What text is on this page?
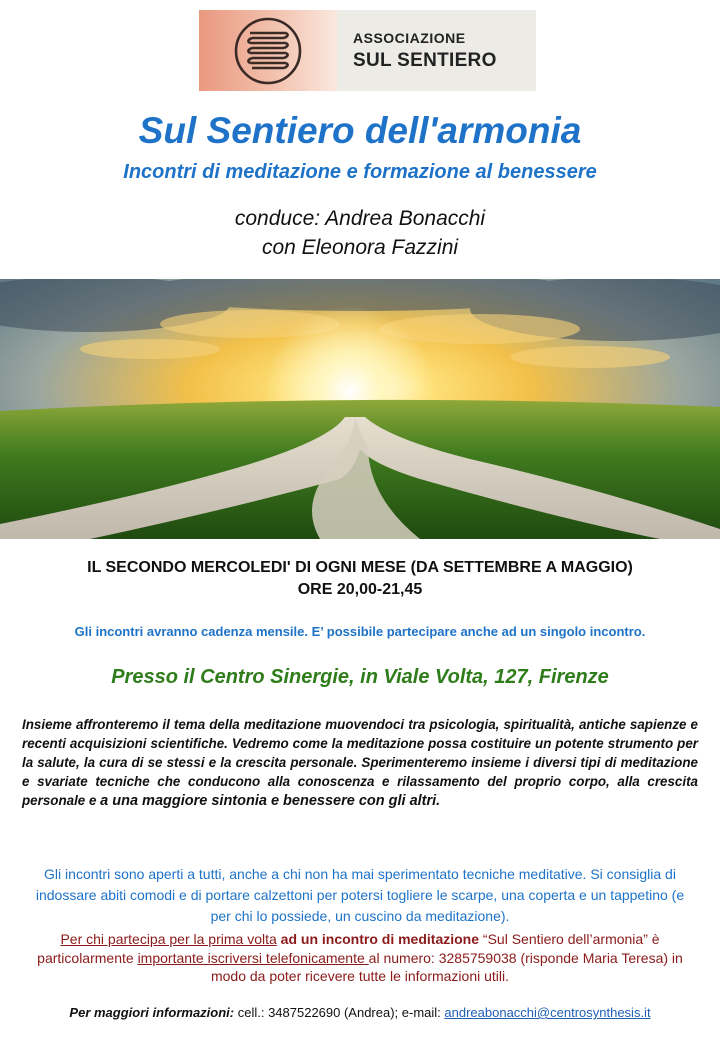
ASSOCIAZIONE
SUL SENTIERO
Sul Sentiero dell'armonia
Incontri di meditazione e formazione al benessere
conduce: Andrea Bonacchi
con Eleonora Fazzini
IL SECONDO MERCOLEDI' DI OGNI MESE (DA SETTEMBRE A MAGGIO)
ORE 20,00-21,45
Gli incontri avranno cadenza mensile. E’ possibile partecipare anche ad un singolo incontro.
Presso il Centro Sinergie, in Viale Volta, 127, Firenze
Insieme affronteremo il tema della meditazione muovendoci tra psicologia, spiritualità, antiche sapienze e recenti acquisizioni scientifiche. Vedremo come la meditazione possa costituire un potente strumento per la salute, la cura di se stessi e la crescita personale. Sperimenteremo insieme i diversi tipi di meditazione e svariate tecniche che conducono alla conoscenza e rilassamento del proprio corpo, alla crescita personale e a una maggiore sintonia e benessere con gli altri.
Gli incontri sono aperti a tutti, anche a chi non ha mai sperimentato tecniche meditative. Si consiglia di indossare abiti comodi e di portare calzettoni per potersi togliere le scarpe, una coperta e un tappetino (e per chi lo possiede, un cuscino da meditazione).
Per chi partecipa per la prima volta ad un incontro di meditazione “Sul Sentiero dell’armonia” è particolarmente importante iscriversi telefonicamente al numero: 3285759038 (risponde Maria Teresa) in modo da poter ricevere tutte le informazioni utili.
Per maggiori informazioni: cell.: 3487522690 (Andrea); e-mail: andreabonacchi@centrosynthesis.it
